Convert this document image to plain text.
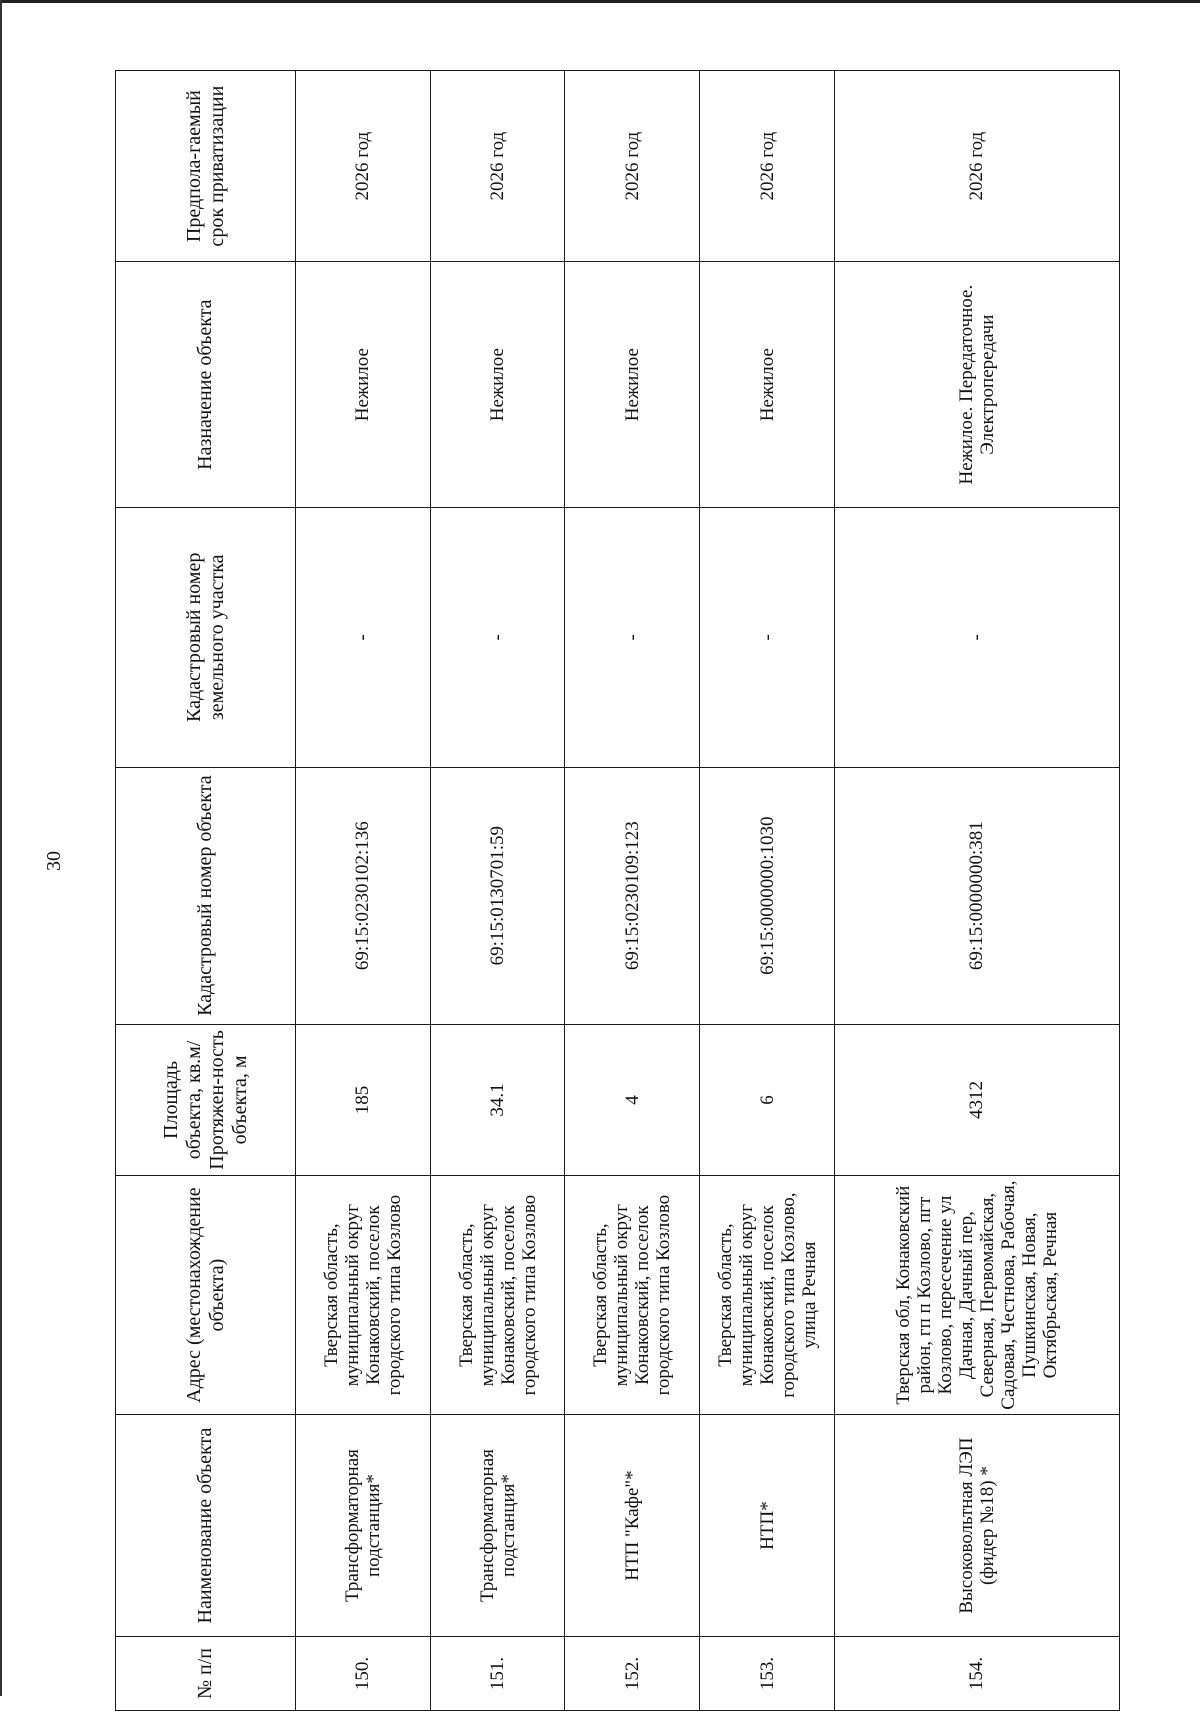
30
№ п/п	Наименование объекта	Адрес (местонахождение объекта)	Площадь объекта, кв.м/ Протяжен-ность объекта, м	Кадастровый номер объекта	Кадастровый номер земельного участка	Назначение объекта	Предпола-гаемый срок приватизации
150.	Трансформаторная подстанция*	Тверская область, муниципальный округ Конаковский, поселок городского типа Козлово	185	69:15:0230102:136	-	Нежилое	2026 год
151.	Трансформаторная подстанция*	Тверская область, муниципальный округ Конаковский, поселок городского типа Козлово	34.1	69:15:0130701:59	-	Нежилое	2026 год
152.	НТП "Кафе"*	Тверская область, муниципальный округ Конаковский, поселок городского типа Козлово	4	69:15:0230109:123	-	Нежилое	2026 год
153.	НТП*	Тверская область, муниципальный округ Конаковский, поселок городского типа Козлово, улица Речная	6	69:15:0000000:1030	-	Нежилое	2026 год
154.	Высоковольтная ЛЭП (фидер №18) *	Тверская обл, Конаковский район, гп п Козлово, пгт Козлово, пересечение ул Дачная, Дачный пер, Северная, Первомайская, Садовая, Честнова, Рабочая, Пушкинская, Новая, Октябрьская, Речная	4312	69:15:0000000:381	-	Нежилое. Передаточное. Электропередачи	2026 год
